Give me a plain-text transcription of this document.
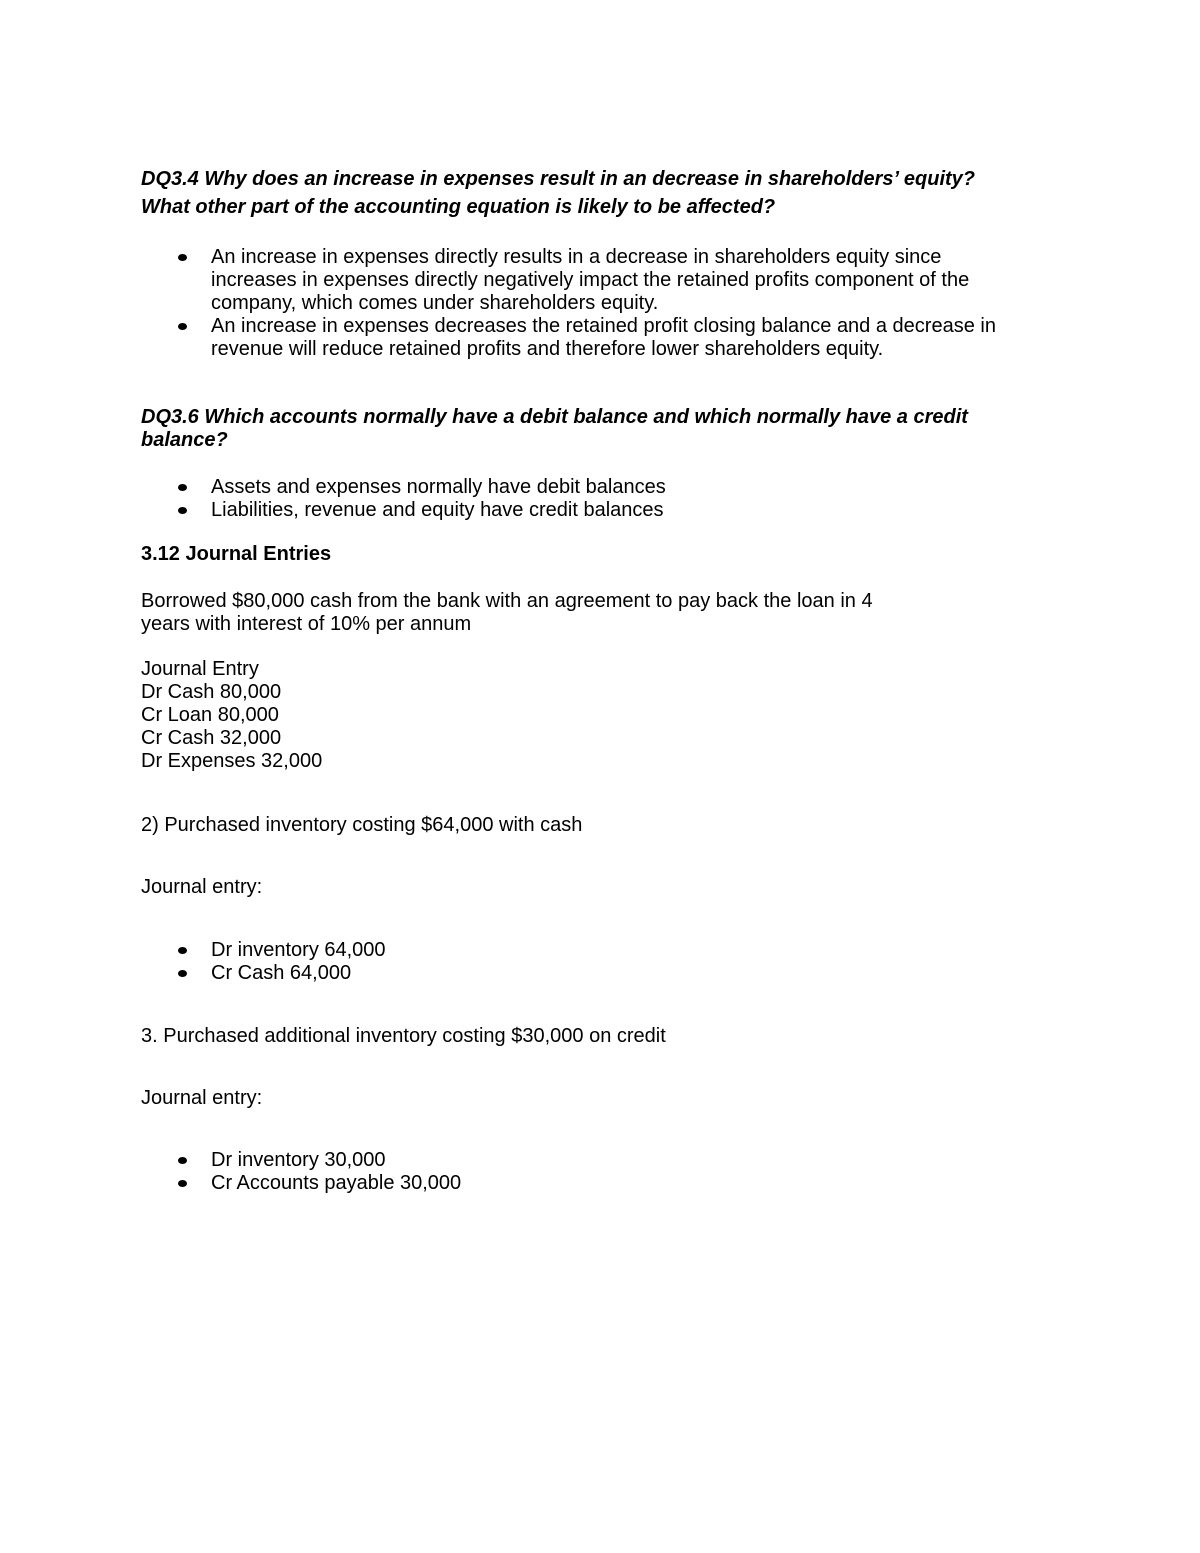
DQ3.4 Why does an increase in expenses result in an decrease in shareholders’ equity?

What other part of the accounting equation is likely to be affected?

An increase in expenses directly results in a decrease in shareholders equity since
increases in expenses directly negatively impact the retained profits component of the
company, which comes under shareholders equity.
An increase in expenses decreases the retained profit closing balance and a decrease in
revenue will reduce retained profits and therefore lower shareholders equity.

DQ3.6 Which accounts normally have a debit balance and which normally have a credit

balance?

Assets and expenses normally have debit balances
Liabilities, revenue and equity have credit balances

3.12 Journal Entries

Borrowed $80,000 cash from the bank with an agreement to pay back the loan in 4
years with interest of 10% per annum
Journal Entry
Dr Cash 80,000
Cr Loan 80,000
Cr Cash 32,000
Dr Expenses 32,000
2) Purchased inventory costing $64,000 with cash
Journal entry:
Dr inventory 64,000
Cr Cash 64,000
3. Purchased additional inventory costing $30,000 on credit
Journal entry:
Dr inventory 30,000
Cr Accounts payable 30,000
